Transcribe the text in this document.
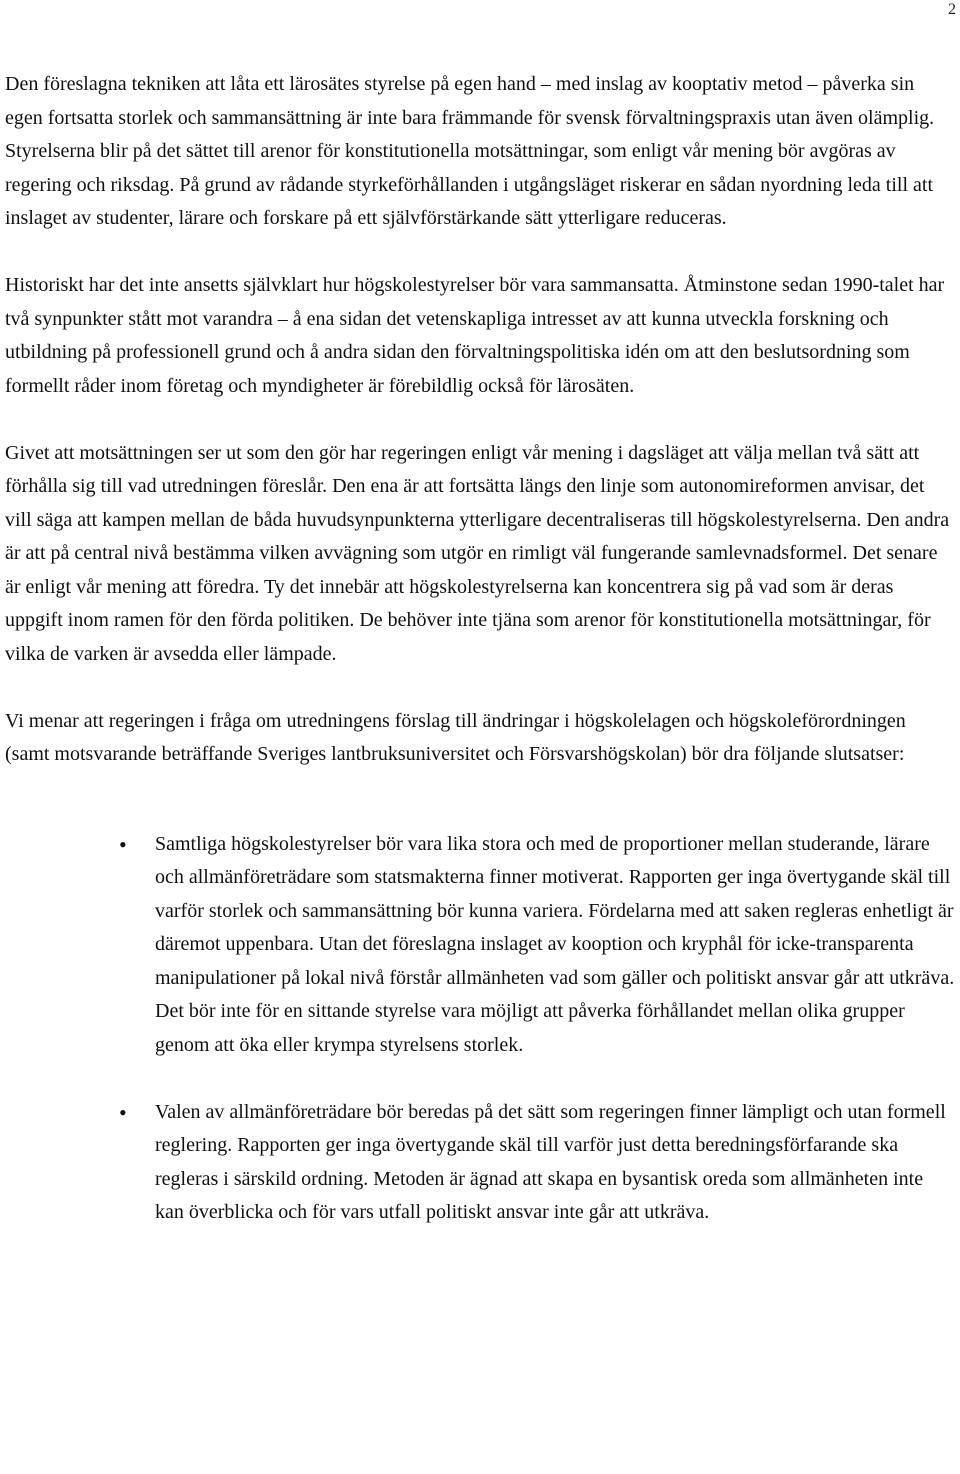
2

Den föreslagna tekniken att låta ett lärosätes styrelse på egen hand – med inslag av kooptativ metod – påverka sin egen fortsatta storlek och sammansättning är inte bara främmande för svensk förvaltningspraxis utan även olämplig. Styrelserna blir på det sättet till arenor för konstitutionella motsättningar, som enligt vår mening bör avgöras av regering och riksdag. På grund av rådande styrkeförhållanden i utgångsläget riskerar en sådan nyordning leda till att inslaget av studenter, lärare och forskare på ett självförstärkande sätt ytterligare reduceras.

Historiskt har det inte ansetts självklart hur högskolestyrelser bör vara sammansatta. Åtminstone sedan 1990-talet har två synpunkter stått mot varandra – å ena sidan det vetenskapliga intresset av att kunna utveckla forskning och utbildning på professionell grund och å andra sidan den förvaltningspolitiska idén om att den beslutsordning som formellt råder inom företag och myndigheter är förebildlig också för lärosäten.

Givet att motsättningen ser ut som den gör har regeringen enligt vår mening i dagsläget att välja mellan två sätt att förhålla sig till vad utredningen föreslår. Den ena är att fortsätta längs den linje som autonomireformen anvisar, det vill säga att kampen mellan de båda huvudsynpunkterna ytterligare decentraliseras till högskolestyrelserna. Den andra är att på central nivå bestämma vilken avvägning som utgör en rimligt väl fungerande samlevnadsformel. Det senare är enligt vår mening att föredra. Ty det innebär att högskolestyrelserna kan koncentrera sig på vad som är deras uppgift inom ramen för den förda politiken. De behöver inte tjäna som arenor för konstitutionella motsättningar, för vilka de varken är avsedda eller lämpade.

Vi menar att regeringen i fråga om utredningens förslag till ändringar i högskolelagen och högskoleförordningen (samt motsvarande beträffande Sveriges lantbruksuniversitet och Försvarshögskolan) bör dra följande slutsatser:

• Samtliga högskolestyrelser bör vara lika stora och med de proportioner mellan studerande, lärare och allmänföreträdare som statsmakterna finner motiverat. Rapporten ger inga övertygande skäl till varför storlek och sammansättning bör kunna variera. Fördelarna med att saken regleras enhetligt är däremot uppenbara. Utan det föreslagna inslaget av kooption och kryphål för icke-transparenta manipulationer på lokal nivå förstår allmänheten vad som gäller och politiskt ansvar går att utkräva. Det bör inte för en sittande styrelse vara möjligt att påverka förhållandet mellan olika grupper genom att öka eller krympa styrelsens storlek.
• Valen av allmänföreträdare bör beredas på det sätt som regeringen finner lämpligt och utan formell reglering. Rapporten ger inga övertygande skäl till varför just detta beredningsförfarande ska regleras i särskild ordning. Metoden är ägnad att skapa en bysantisk oreda som allmänheten inte kan överblicka och för vars utfall politiskt ansvar inte går att utkräva.
